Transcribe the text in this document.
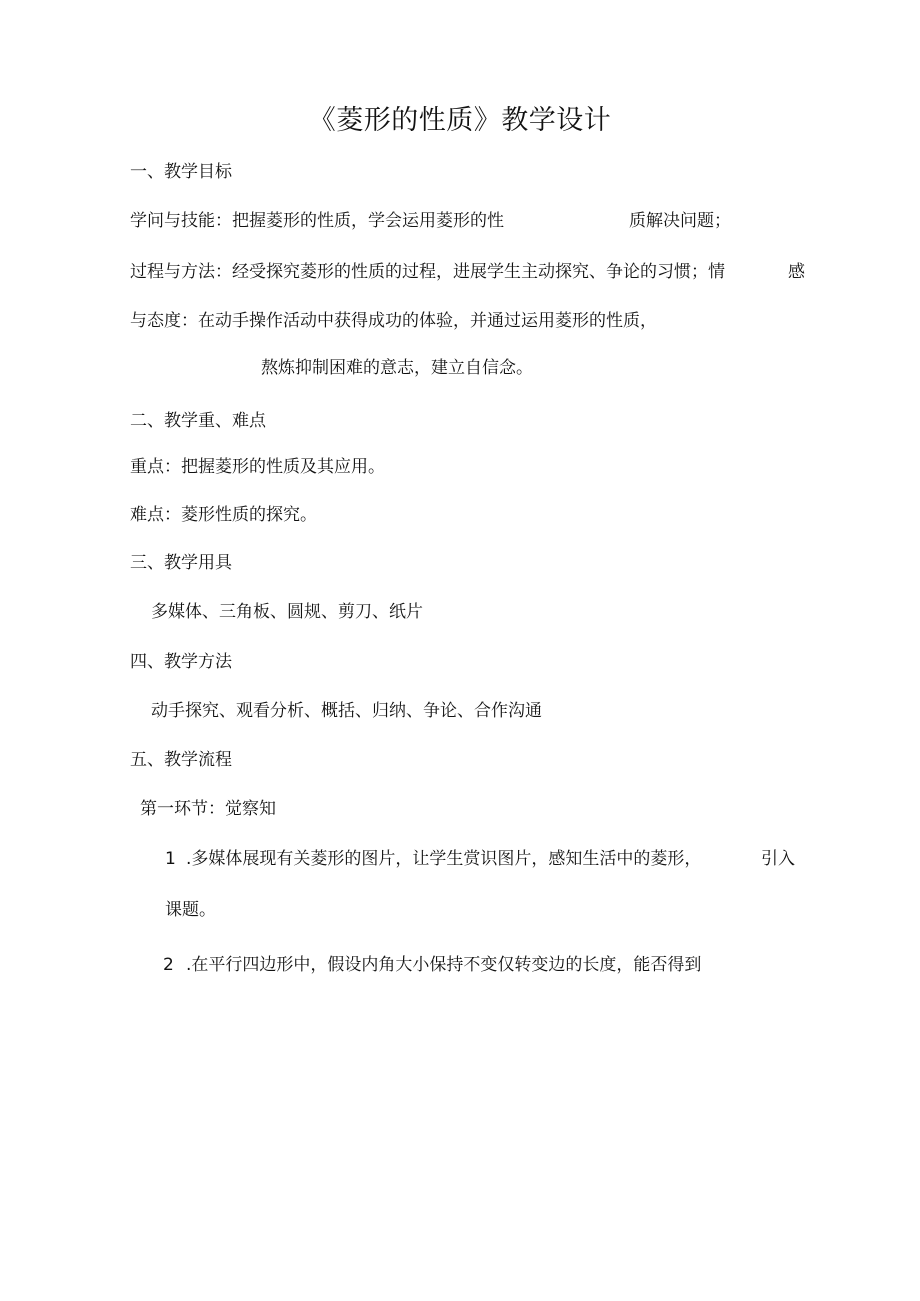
《菱形的性质》教学设计
一、教学目标
学问与技能：把握菱形的性质，学会运用菱形的性	质解决问题；
过程与方法：经受探究菱形的性质的过程，进展学生主动探究、争论的习惯；情	感
与态度：在动手操作活动中获得成功的体验，并通过运用菱形的性质，
熬炼抑制困难的意志，建立自信念。
二、教学重、难点
重点：把握菱形的性质及其应用。
难点：菱形性质的探究。
三、教学用具
多媒体、三角板、圆规、剪刀、纸片
四、教学方法
动手探究、观看分析、概括、归纳、争论、合作沟通
五、教学流程
第一环节：觉察知
1 .多媒体展现有关菱形的图片，让学生赏识图片，感知生活中的菱形，	引入
课题。
2 .在平行四边形中，假设内角大小保持不变仅转变边的长度，能否得到
